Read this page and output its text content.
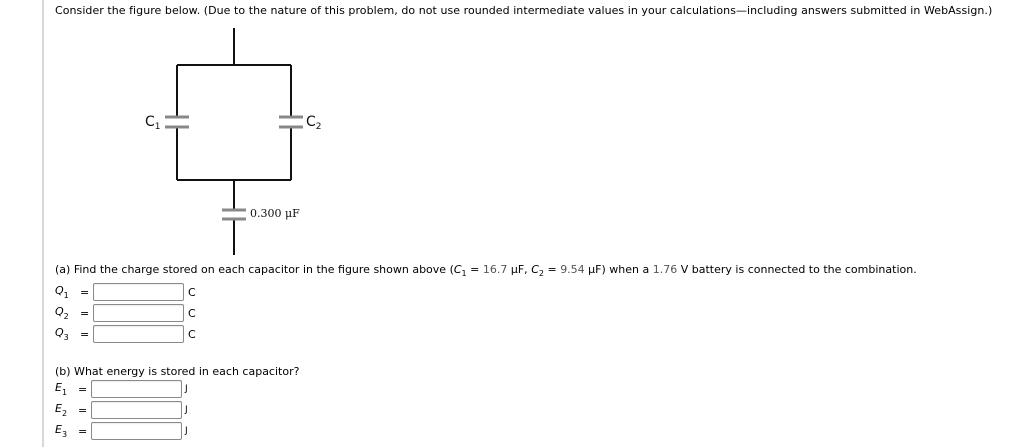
Consider the figure below. (Due to the nature of this problem, do not use rounded intermediate values in your calculations—including answers submitted in WebAssign.)
$C_1$	$C_2$
0.300 μF
(a) Find the charge stored on each capacitor in the figure shown above ($C_1 = 16.7$ μF, $C_2 = 9.54$ μF) when a 1.76 V battery is connected to the combination.
$Q_1$	=	C
$Q_2$	=	C
$Q_3$	=	C
(b) What energy is stored in each capacitor?
$E_1$ =	J
$E_2$ =	J
$E_3$ =	J
